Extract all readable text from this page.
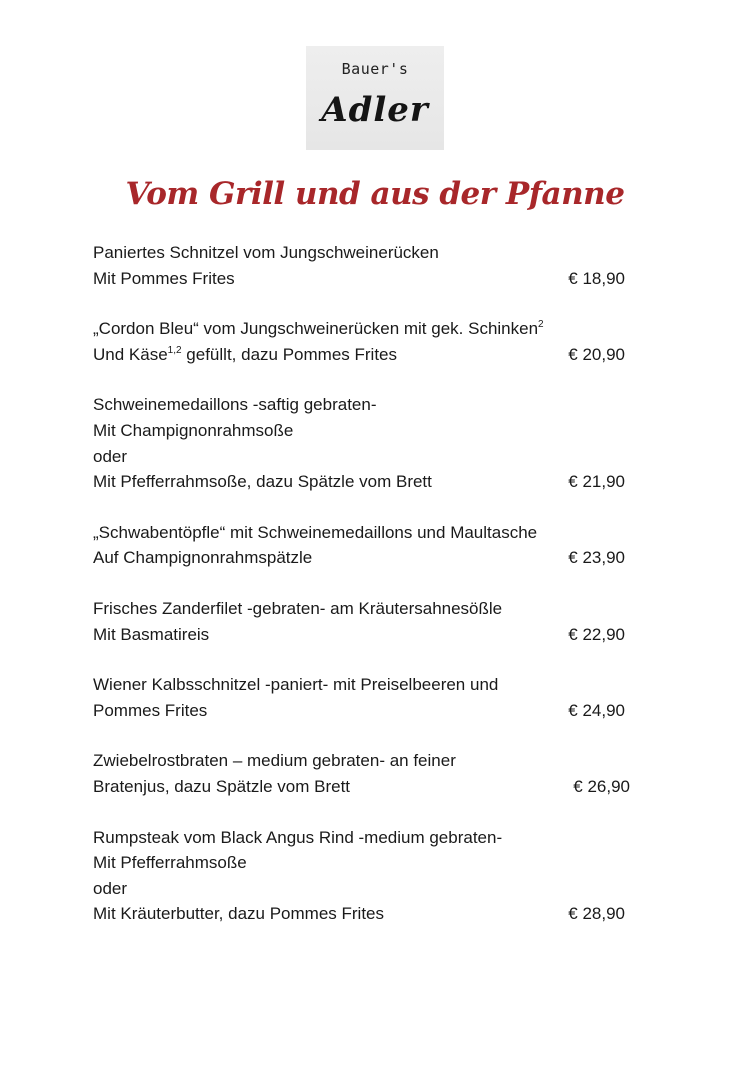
Bauer's
Adler
Vom Grill und aus der Pfanne
Paniertes Schnitzel vom Jungschweinerücken
Mit Pommes Frites	€ 18,90
„Cordon Bleu“ vom Jungschweinerücken mit gek. Schinken$^2$
Und Käse$^{1,2}$ gefüllt, dazu Pommes Frites	€ 20,90
Schweinemedaillons -saftig gebraten-
Mit Champignonrahmsoße
oder
Mit Pfefferrahmsoße, dazu Spätzle vom Brett	€ 21,90
„Schwabentöpfle“ mit Schweinemedaillons und Maultasche
Auf Champignonrahmspätzle	€ 23,90
Frisches Zanderfilet -gebraten- am Kräutersahnesößle
Mit Basmatireis	€ 22,90
Wiener Kalbsschnitzel -paniert- mit Preiselbeeren und
Pommes Frites	€ 24,90
Zwiebelrostbraten – medium gebraten- an feiner
Bratenjus, dazu Spätzle vom Brett	€ 26,90
Rumpsteak vom Black Angus Rind -medium gebraten-
Mit Pfefferrahmsoße
oder
Mit Kräuterbutter, dazu Pommes Frites	€ 28,90
